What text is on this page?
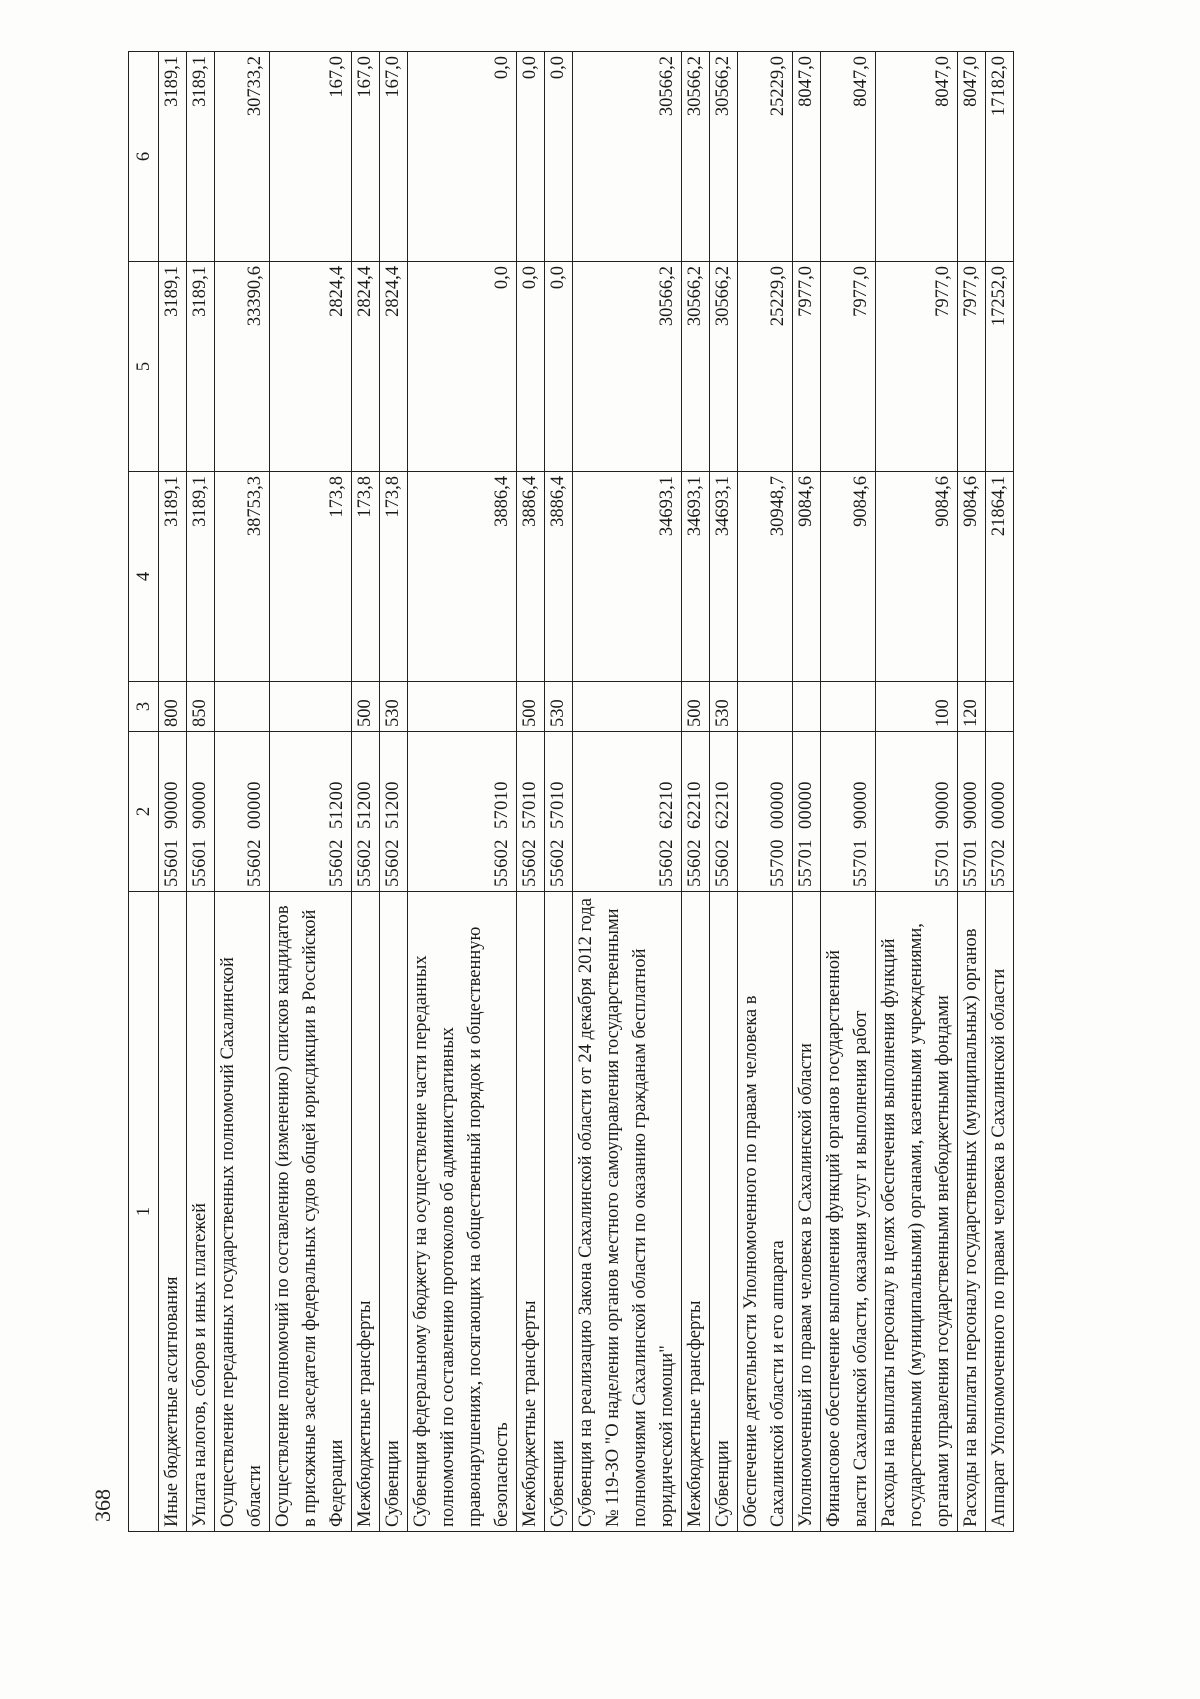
368
1	2	3	4	5	6
Иные бюджетные ассигнования	5560190000	800	3189,1	3189,1	3189,1
Уплата налогов, сборов и иных платежей	5560190000	850	3189,1	3189,1	3189,1
Осуществление переданных государственных полномочий Сахалинской области	5560200000		38753,3	33390,6	30733,2
Осуществление полномочий по составлению (изменению) списков кандидатов в присяжные заседатели федеральных судов общей юрисдикции в Российской Федерации	5560251200		173,8	2824,4	167,0
Межбюджетные трансферты	5560251200	500	173,8	2824,4	167,0
Субвенции	5560251200	530	173,8	2824,4	167,0
Субвенция федеральному бюджету на осуществление части переданных полномочий по составлению протоколов об административных правонарушениях, посягающих на общественный порядок и общественную безопасность	5560257010		3886,4	0,0	0,0
Межбюджетные трансферты	5560257010	500	3886,4	0,0	0,0
Субвенции	5560257010	530	3886,4	0,0	0,0
Субвенция на реализацию Закона Сахалинской области от 24 декабря 2012 года № 119-ЗО "О наделении органов местного самоуправления государственными полномочиями Сахалинской области по оказанию гражданам бесплатной юридической помощи"	5560262210		34693,1	30566,2	30566,2
Межбюджетные трансферты	5560262210	500	34693,1	30566,2	30566,2
Субвенции	5560262210	530	34693,1	30566,2	30566,2
Обеспечение деятельности Уполномоченного по правам человека в Сахалинской области и его аппарата	5570000000		30948,7	25229,0	25229,0
Уполномоченный по правам человека в Сахалинской области	5570100000		9084,6	7977,0	8047,0
Финансовое обеспечение выполнения функций органов государственной власти Сахалинской области, оказания услуг и выполнения работ	5570190000		9084,6	7977,0	8047,0
Расходы на выплаты персоналу в целях обеспечения выполнения функций государственными (муниципальными) органами, казенными учреждениями, органами управления государственными внебюджетными фондами	5570190000	100	9084,6	7977,0	8047,0
Расходы на выплаты персоналу государственных (муниципальных) органов	5570190000	120	9084,6	7977,0	8047,0
Аппарат Уполномоченного по правам человека в Сахалинской области	5570200000		21864,1	17252,0	17182,0
